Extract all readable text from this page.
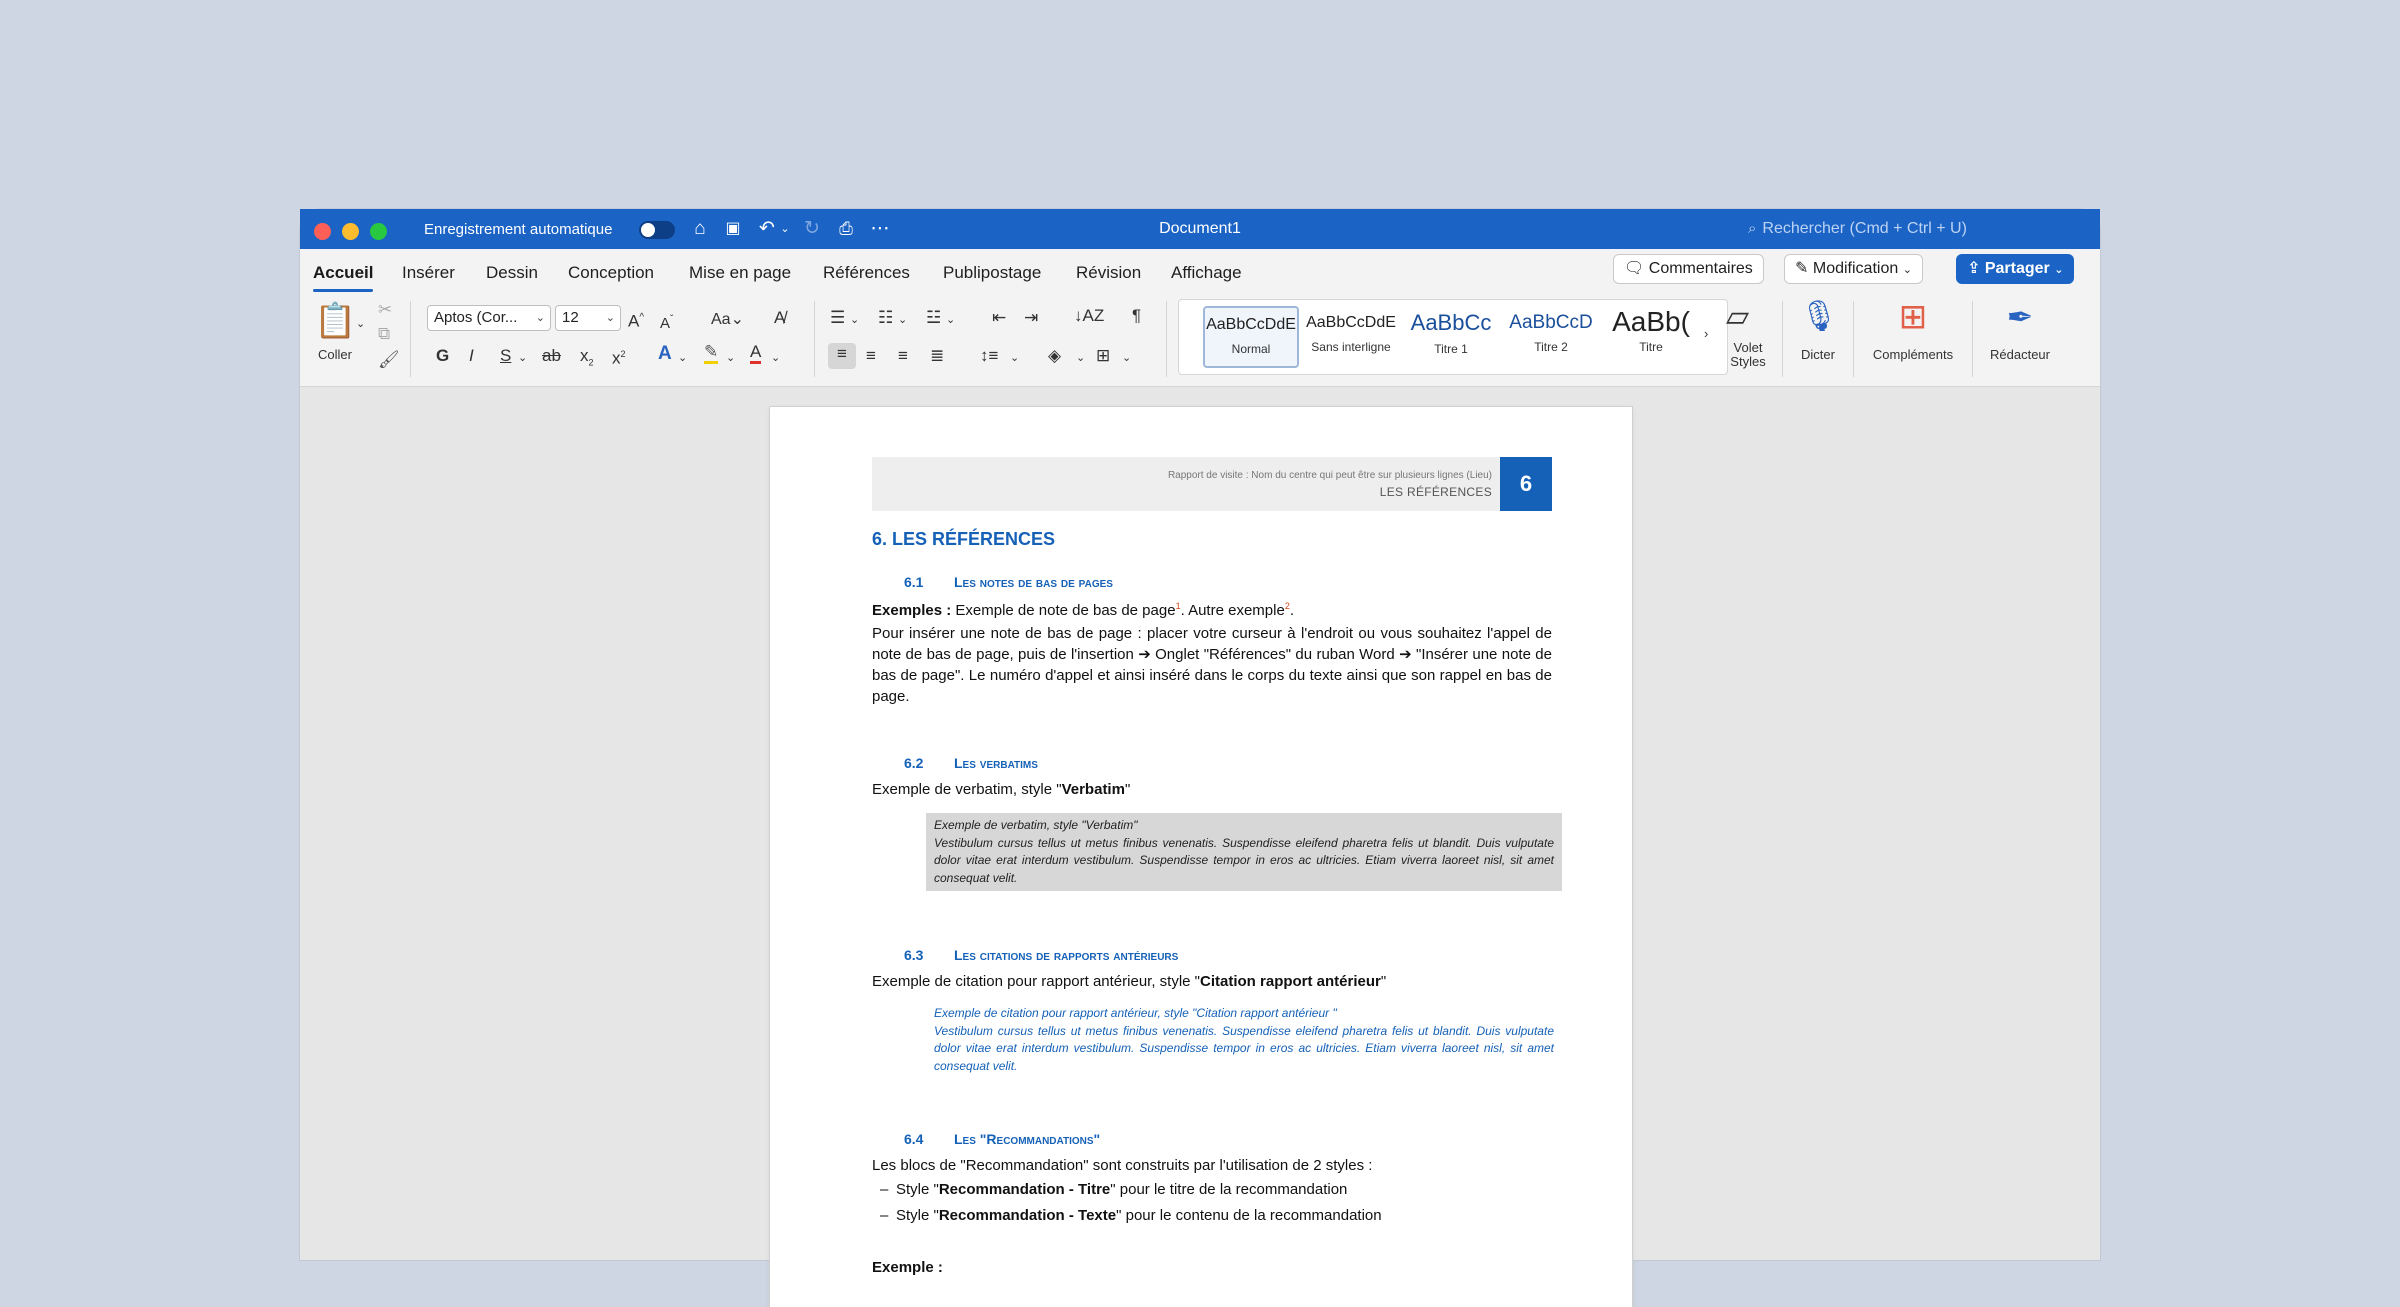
Enregistrement automatique	⌂	▣ ↶ ⌄ ↻	⎙ ⋯	Document1	⌕ Rechercher (Cmd + Ctrl + U)
Accueil Insérer Dessin Conception Mise en page Références Publipostage Révision Affichage	🗨 Commentaires	✎ Modification ⌄	⇪ Partager ⌄
📋 ⌄
Coller
✂
⧉
🖌
Aptos (Cor... ⌄	12 ⌄ A^ $A^ˇ$ Aa⌄ A̸
G I S ⌄ ab $x_2$ $x^2$ A ⌄ ✎ ⌄ A ⌄
☰ ⌄ ☷ ⌄ ☳ ⌄ ⇤ ⇥ ↓AZ ¶
≡	≡ ≡ ≣ ↕≡ ⌄ ◈ ⌄ ⊞ ⌄
AaBbCcDdE
Normal
AaBbCcDdE
Sans interligne
AaBbCc
Titre 1
AaBbCcD
Titre 2
AaBb(
Titre
›
▱
Volet
Styles
🎙
Dicter
⊞
Compléments
✒
Rédacteur
Rapport de visite : Nom du centre qui peut être sur plusieurs lignes (Lieu)
LES RÉFÉRENCES	6
6. LES RÉFÉRENCES
6.1 Les notes de bas de pages
Exemples : Exemple de note de bas de page$^1$. Autre exemple$^2$.
Pour insérer une note de bas de page : placer votre curseur à l'endroit ou vous souhaitez l'appel de note de bas de page, puis de l'insertion ➔ Onglet "Références" du ruban Word ➔ "Insérer une note de bas de page". Le numéro d'appel et ainsi inséré dans le corps du texte ainsi que son rappel en bas de page.
6.2 Les verbatims
Exemple de verbatim, style "Verbatim"
Exemple de verbatim, style "Verbatim"
Vestibulum cursus tellus ut metus finibus venenatis. Suspendisse eleifend pharetra felis ut blandit. Duis vulputate dolor vitae erat interdum vestibulum. Suspendisse tempor in eros ac ultricies. Etiam viverra laoreet nisl, sit amet consequat velit.
6.3 Les citations de rapports antérieurs
Exemple de citation pour rapport antérieur, style "Citation rapport antérieur"
Exemple de citation pour rapport antérieur, style "Citation rapport antérieur "
Vestibulum cursus tellus ut metus finibus venenatis. Suspendisse eleifend pharetra felis ut blandit. Duis vulputate dolor vitae erat interdum vestibulum. Suspendisse tempor in eros ac ultricies. Etiam viverra laoreet nisl, sit amet consequat velit.
6.4 Les "Recommandations"
Les blocs de "Recommandation" sont construits par l'utilisation de 2 styles :
– Style "Recommandation - Titre" pour le titre de la recommandation
– Style "Recommandation - Texte" pour le contenu de la recommandation
Exemple :
